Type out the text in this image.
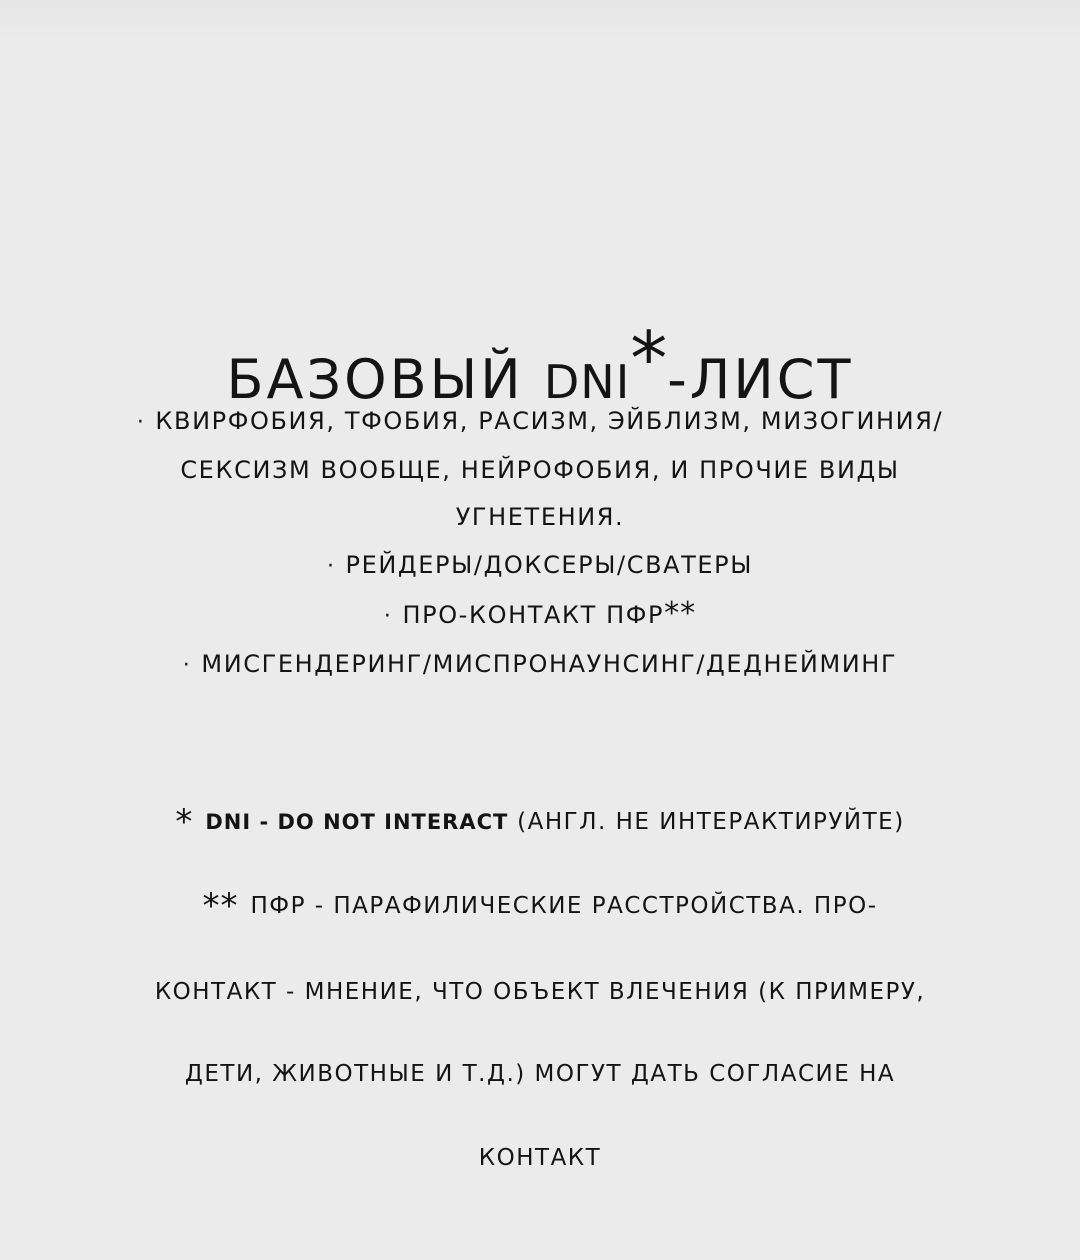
БАЗОВЫЙ DNI*-ЛИСТ
· КВИРФОБИЯ, ТФОБИЯ, РАСИЗМ, ЭЙБЛИЗМ, МИЗОГИНИЯ/
СЕКСИЗМ ВООБЩЕ, НЕЙРОФОБИЯ, И ПРОЧИЕ ВИДЫ
УГНЕТЕНИЯ.
· РЕЙДЕРЫ/ДОКСЕРЫ/СВАТЕРЫ
· ПРО-КОНТАКТ ПФР**
· МИСГЕНДЕРИНГ/МИСПРОНАУНСИНГ/ДЕДНЕЙМИНГ
* DNI - DO NOT INTERACT (АНГЛ. НЕ ИНТЕРАКТИРУЙТЕ)
** ПФР - ПАРАФИЛИЧЕСКИЕ РАССТРОЙСТВА. ПРО-
КОНТАКТ - МНЕНИЕ, ЧТО ОБЪЕКТ ВЛЕЧЕНИЯ (К ПРИМЕРУ,
ДЕТИ, ЖИВОТНЫЕ И Т.Д.) МОГУТ ДАТЬ СОГЛАСИЕ НА
КОНТАКТ
